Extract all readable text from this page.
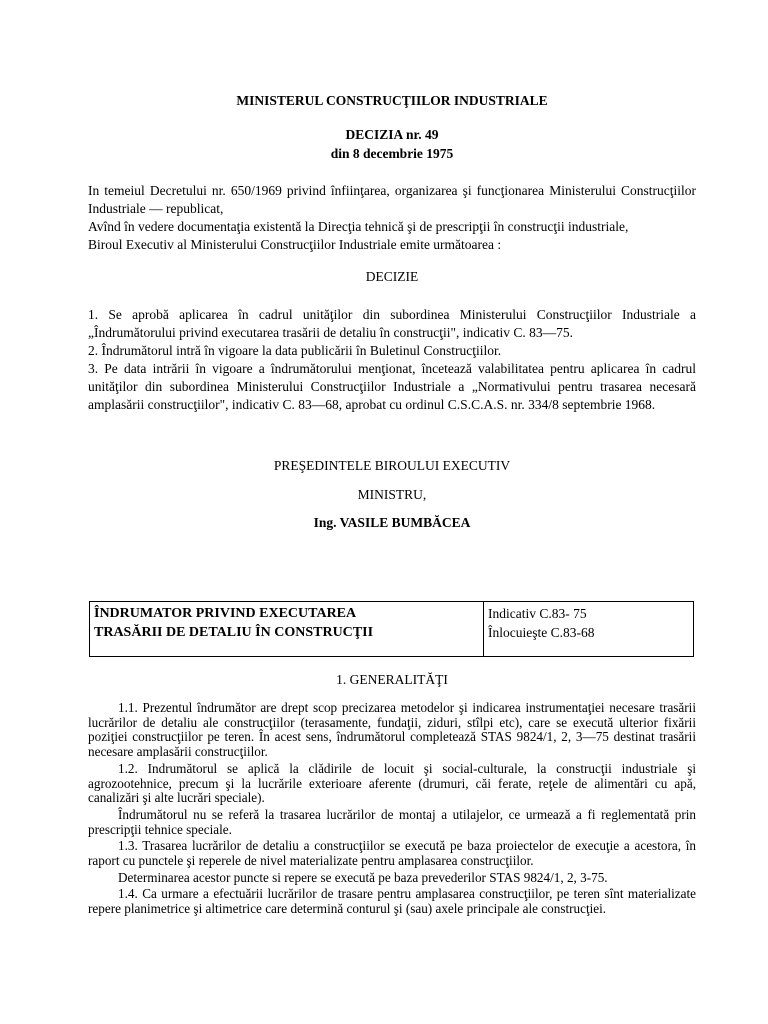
MINISTERUL CONSTRUCŢIILOR INDUSTRIALE
DECIZIA nr. 49
din 8 decembrie 1975

In temeiul Decretului nr. 650/1969 privind înfiinţarea, organizarea şi funcţionarea Ministerului Construcţiilor Industriale — republicat,

Avînd în vedere documentaţia existentă la Direcţia tehnică şi de prescripţii în construcţii industriale,

Biroul Executiv al Ministerului Construcţiilor Industriale emite următoarea :

DECIZIE

1. Se aprobă aplicarea în cadrul unităţilor din subordinea Ministerului Construcţiilor Industriale a „Îndrumătorului privind executarea trasării de detaliu în construcţii", indicativ C. 83—75.

2. Îndrumătorul intră în vigoare la data publicării în Buletinul Construcţiilor.

3. Pe data intrării în vigoare a îndrumătorului menţionat, încetează valabilitatea pentru aplicarea în cadrul unităţilor din subordinea Ministerului Construcţiilor Industriale a „Normativului pentru trasarea necesară amplasării construcţiilor", indicativ C. 83—68, aprobat cu ordinul C.S.C.A.S. nr. 334/8 septembrie 1968.

PREŞEDINTELE BIROULUI EXECUTIV
MINISTRU,
Ing. VASILE BUMBĂCEA
ÎNDRUMATOR PRIVIND EXECUTAREA
TRASĂRII DE DETALIU ÎN CONSTRUCŢII
Indicativ C.83- 75
Înlocuieşte C.83-68
1. GENERALITĂŢI

1.1. Prezentul îndrumător are drept scop precizarea metodelor şi indicarea instrumentaţiei necesare trasării lucrărilor de detaliu ale construcţiilor (terasamente, fundaţii, ziduri, stîlpi etc), care se execută ulterior fixării poziţiei construcţiilor pe teren. În acest sens, îndrumătorul completează STAS 9824/1, 2, 3—75 destinat trasării necesare amplasării construcţiilor.

1.2. Indrumătorul se aplică la clădirile de locuit şi social-culturale, la construcţii industriale şi agrozootehnice, precum şi la lucrările exterioare aferente (drumuri, căi ferate, reţele de alimentări cu apă, canalizări şi alte lucrări speciale).

Îndrumătorul nu se referă la trasarea lucrărilor de montaj a utilajelor, ce urmează a fi reglementată prin prescripţii tehnice speciale.

1.3. Trasarea lucrărilor de detaliu a construcţiilor se execută pe baza proiectelor de execuţie a acestora, în raport cu punctele şi reperele de nivel materializate pentru amplasarea construcţiilor.

Determinarea acestor puncte si repere se execută pe baza prevederilor STAS 9824/1, 2, 3-75.

1.4. Ca urmare a efectuării lucrărilor de trasare pentru amplasarea construcţiilor, pe teren sînt materializate repere planimetrice şi altimetrice care determină conturul şi (sau) axele principale ale construcţiei.
